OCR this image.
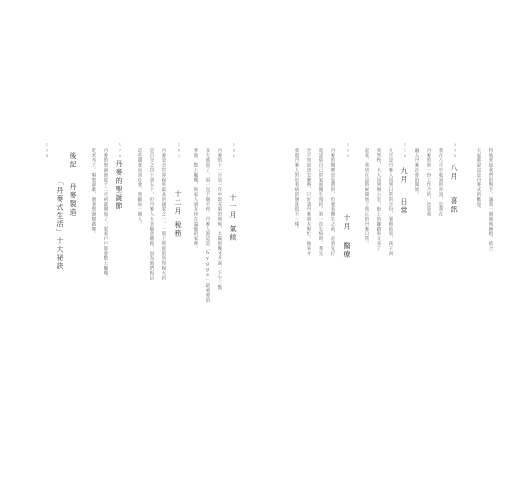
特地來接我們的幫手，讓我一個個地擁抱，結合
大家都說這是丹麥式的歡迎。
098
八月
喜訊
我在八月中收到的喜訊，是我在
丹麥的第一份工作合約，也是我
融入丹麥社會的開始。
114
九月
日常
九月是丹麥人回到日常的月份，暑假結束，孩子回
到學校，大人回到辦公室，街上的腳踏車又多了
起來。我也在這時候開始了真正的丹麥日常。
130
十月
醫療
丹麥的醫療是免費的，但要看醫生之前，必須先打
電話給自己的家庭醫生預約。第一次生病時，我完
全不知道該怎麼辦，只好請丹麥朋友幫忙。後來才
發現丹麥人對於看病的態度很不一樣。
146
十一月
氣候
丹麥的十一月是一年中最灰暗的時候，太陽很晚才升起，下午三點
多天就黑了，雨一直下個不停，丹麥人說這是「hygge」最重要的
季節，點上蠟燭，和家人朋友待在溫暖的家裡。
162
十二月
稅務
丹麥是全世界稅率最高的國家之一，一般上班族的所得稅大約
是百分之四十到五十，但丹麥人大多願意繳稅，因為他們相信
這些錢會回到社會，照顧每一個人。
178
丹麥的聖誕節
丹麥的聖誕節從十二月初就開始了，家家戶戶都會點上蠟燭，
吃米布丁，唱聖誕歌，圍著聖誕樹跳舞。
194
後記
丹麥製造
「丹麥式生活」十大祕訣
